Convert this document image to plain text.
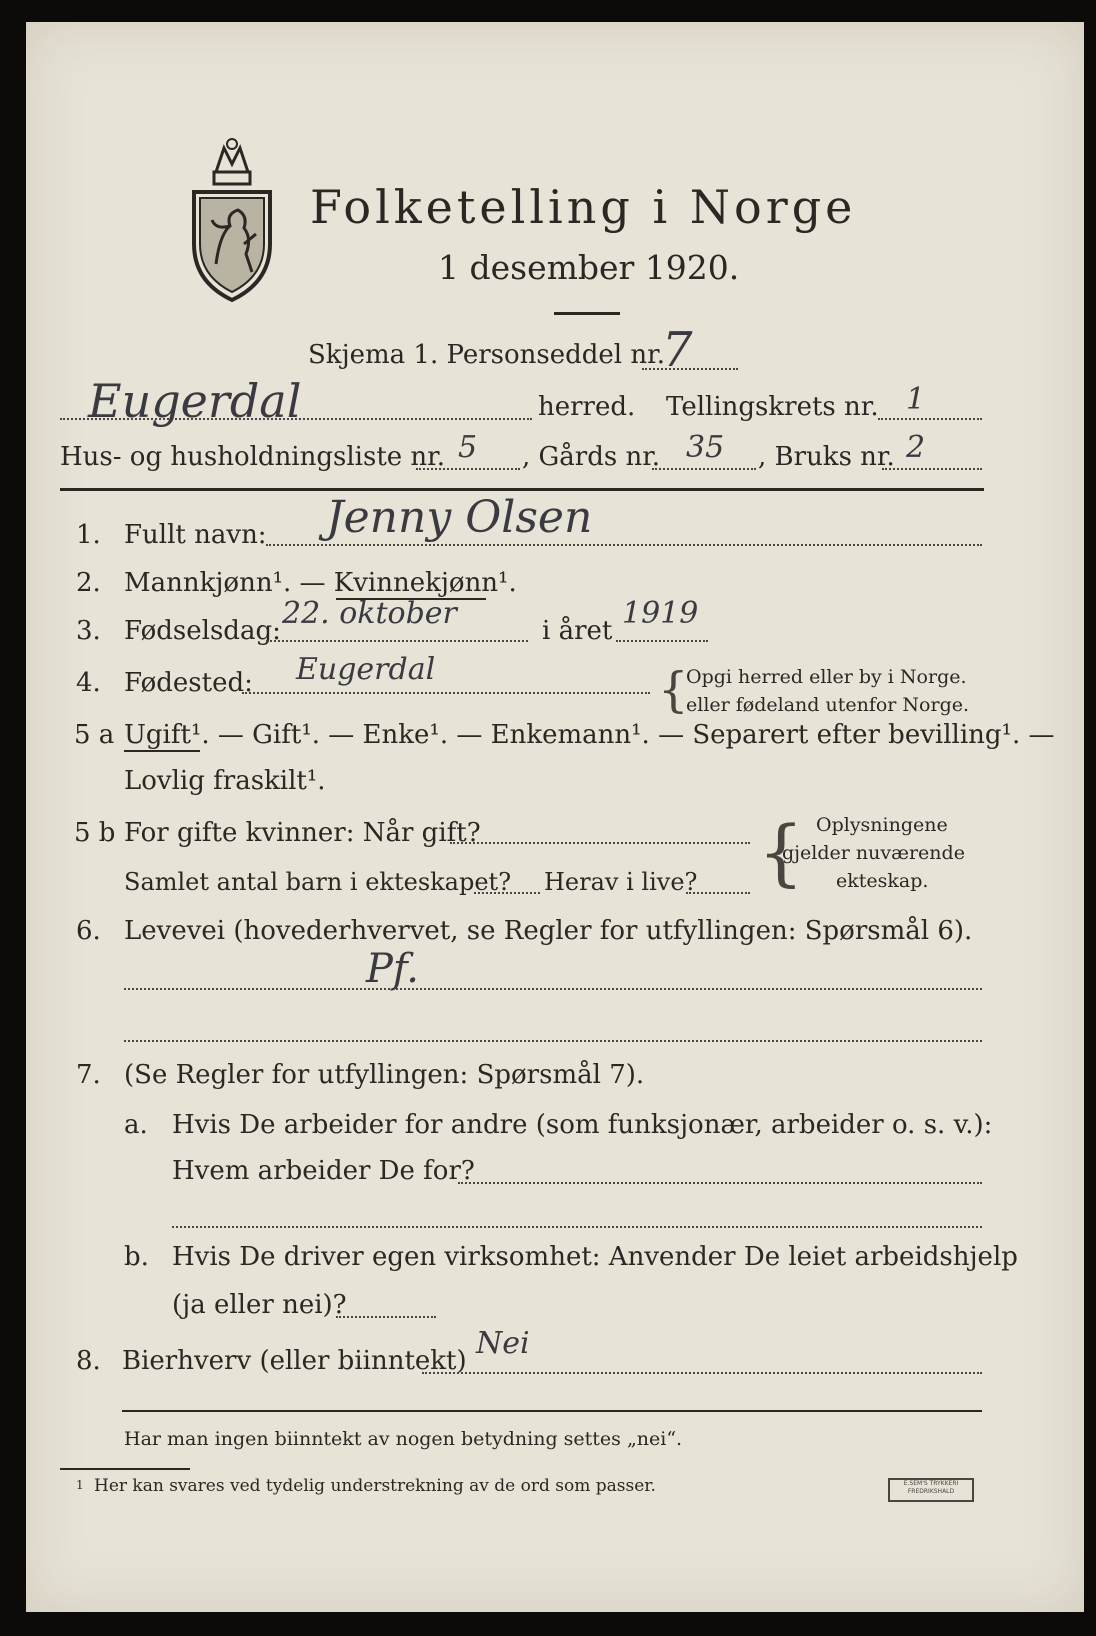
Folketelling i Norge
1 desember 1920.
Skjema 1. Personseddel nr.
7
Eugerdal	herred. Tellingskrets nr. 1
Hus- og husholdningsliste nr. 5 , Gårds nr. 35 , Bruks nr. 2
1. Fullt navn: Jenny Olsen
2. Mannkjønn¹. — Kvinnekjønn¹.
3. Fødselsdag: 22. oktober	i året 1919
4. Fødested: Eugerdal	{
Opgi herred eller by i Norge.
eller fødeland utenfor Norge.
5 a Ugift¹. — Gift¹. — Enke¹. — Enkemann¹. — Separert efter bevilling¹. —
Lovlig fraskilt¹.
5 b For gifte kvinner: Når gift?
Samlet antal barn i ekteskapet? Herav i live? { Oplysningene
gjelder nuværende
ekteskap.
6. Levevei (hovederhvervet, se Regler for utfyllingen: Spørsmål 6).
Pf.
7. (Se Regler for utfyllingen: Spørsmål 7).
a. Hvis De arbeider for andre (som funksjonær, arbeider o. s. v.):
Hvem arbeider De for?
b. Hvis De driver egen virksomhet: Anvender De leiet arbeidshjelp
(ja eller nei)?
8. Bierhverv (eller biinntekt) Nei
Har man ingen biinntekt av nogen betydning settes „nei“.
1 Her kan svares ved tydelig understrekning av de ord som passer.	E.SEM'S TRYKKERI
FREDRIKSHALD
